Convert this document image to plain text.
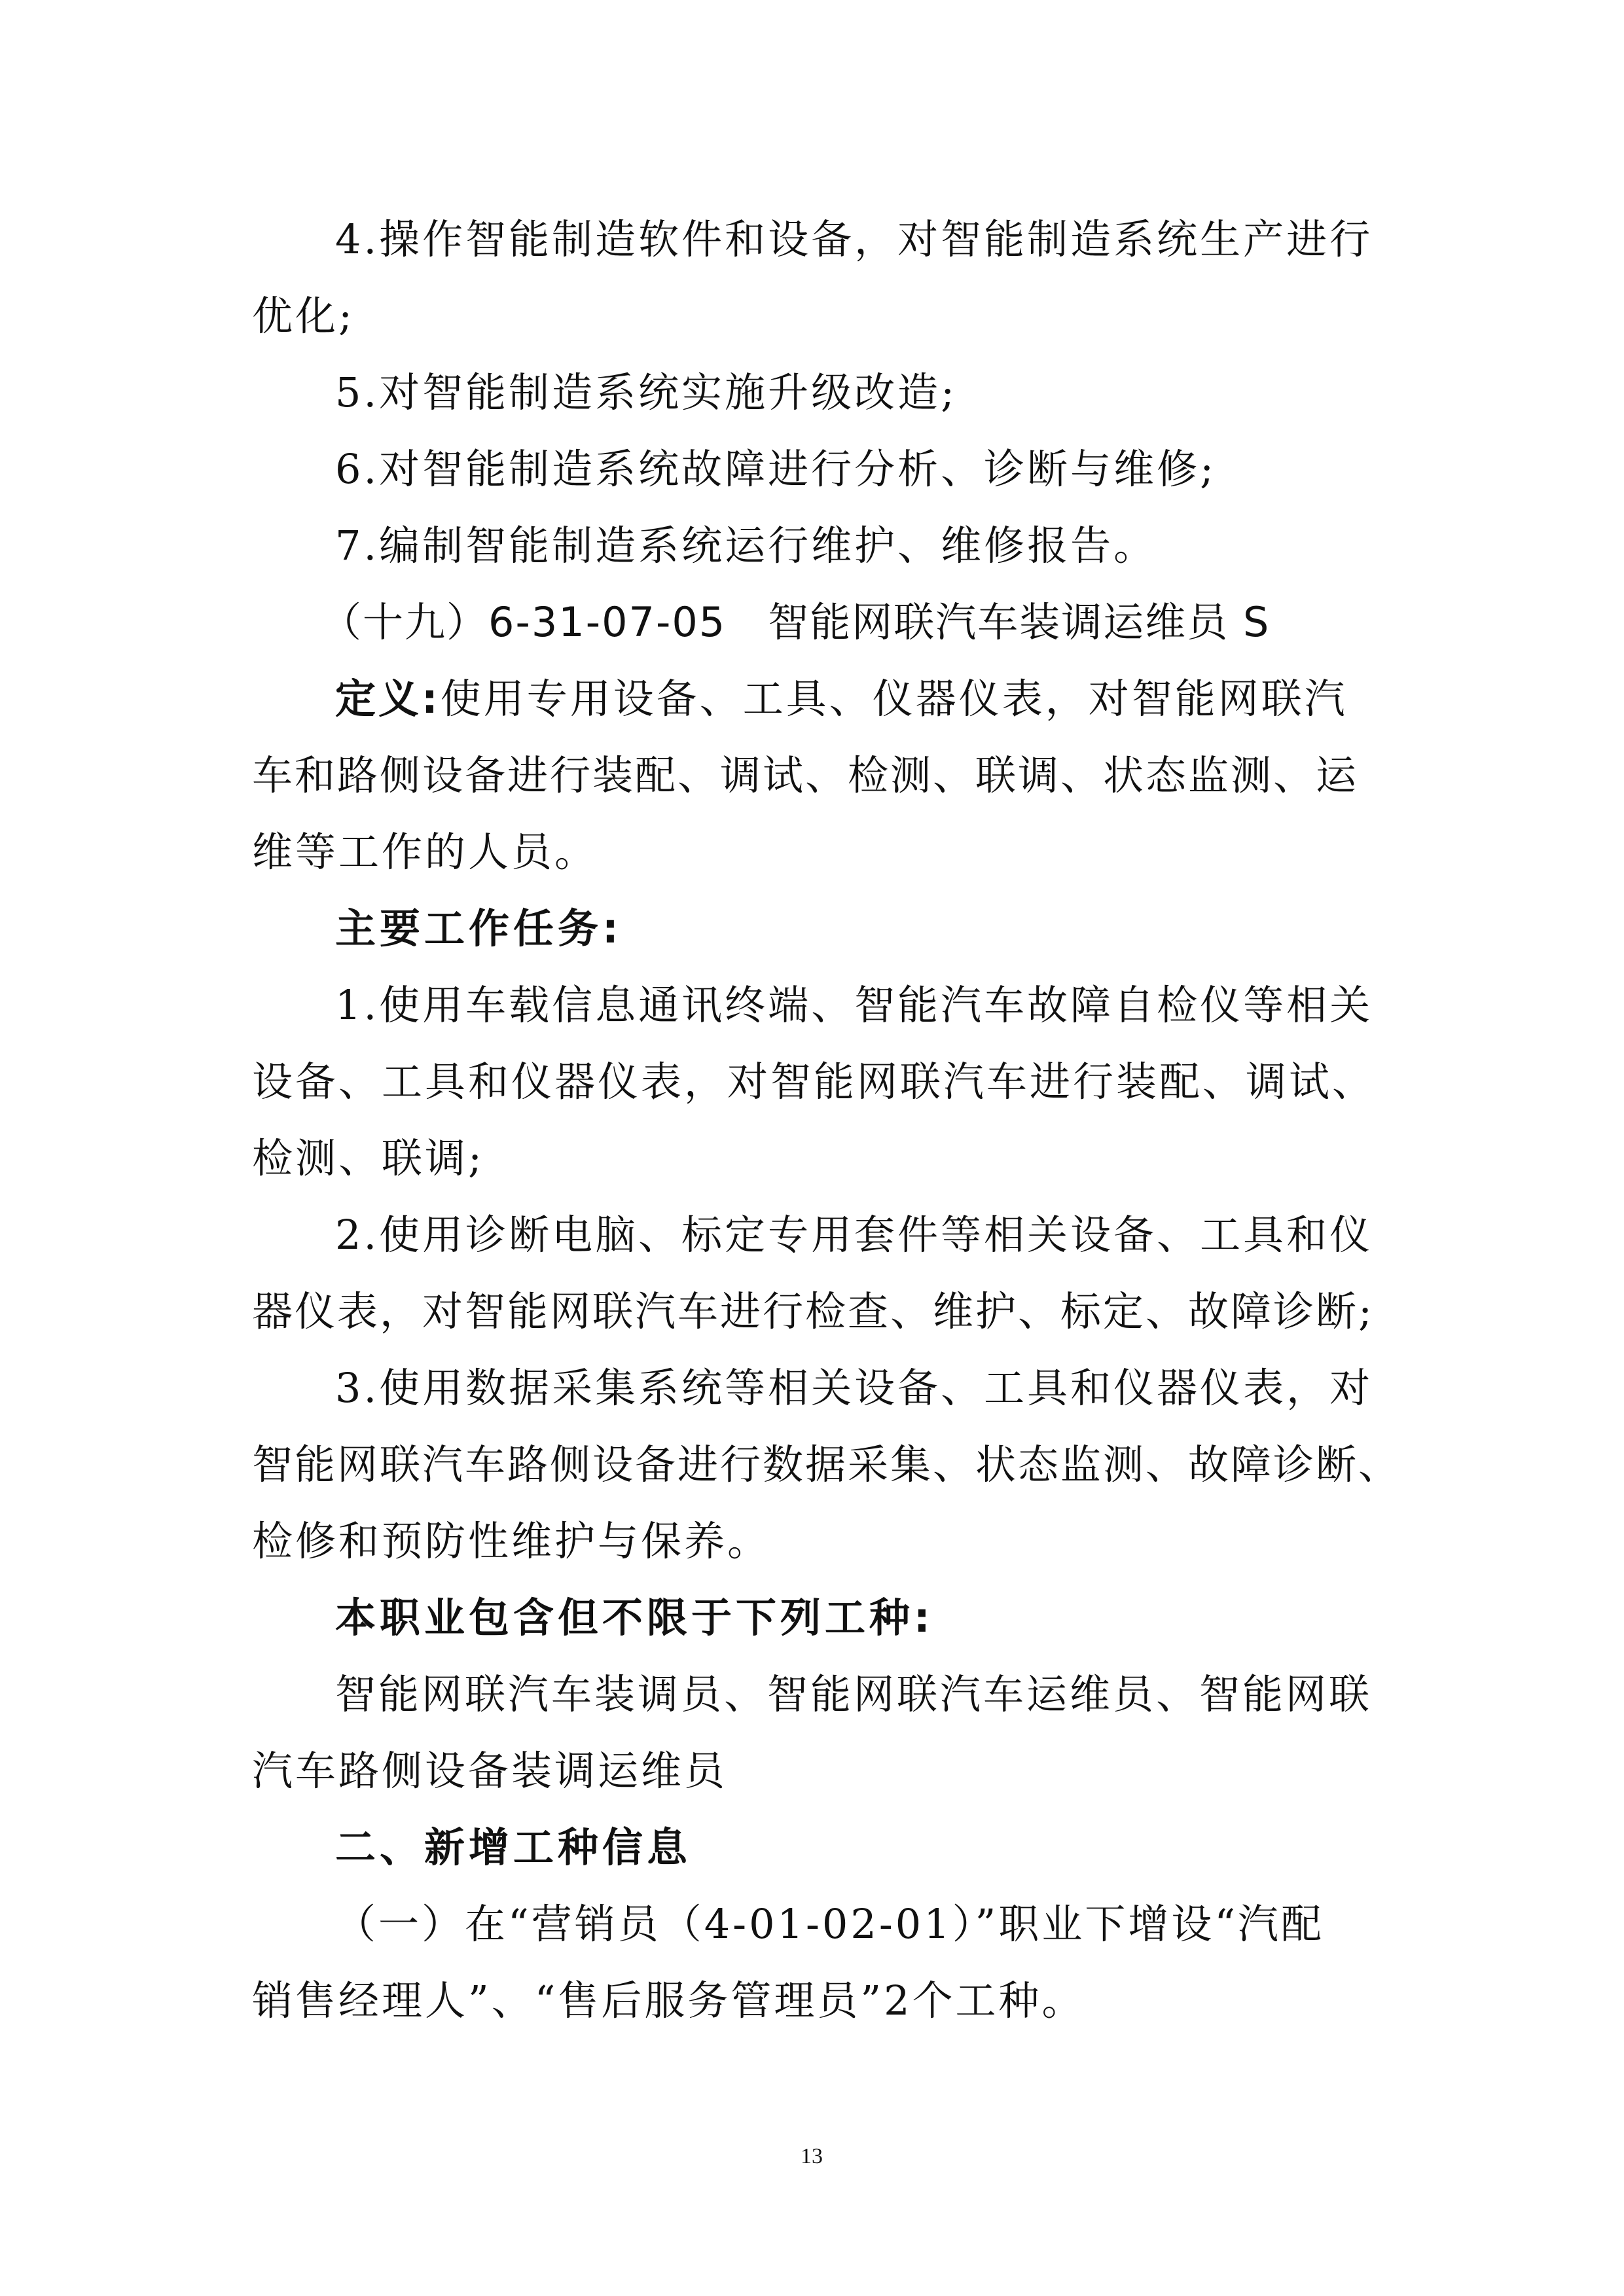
4.操作智能制造软件和设备，对智能制造系统生产进行
优化;
5.对智能制造系统实施升级改造;
6.对智能制造系统故障进行分析、诊断与维修;
7.编制智能制造系统运行维护、维修报告。
（十九）6-31-07-05　智能网联汽车装调运维员 S
定义:使用专用设备、工具、仪器仪表，对智能网联汽
车和路侧设备进行装配、调试、检测、联调、状态监测、运
维等工作的人员。
主要工作任务:
1.使用车载信息通讯终端、智能汽车故障自检仪等相关
设备、工具和仪器仪表，对智能网联汽车进行装配、调试、
检测、联调;
2.使用诊断电脑、标定专用套件等相关设备、工具和仪
器仪表，对智能网联汽车进行检查、维护、标定、故障诊断;
3.使用数据采集系统等相关设备、工具和仪器仪表，对
智能网联汽车路侧设备进行数据采集、状态监测、故障诊断、
检修和预防性维护与保养。
本职业包含但不限于下列工种:
智能网联汽车装调员、智能网联汽车运维员、智能网联
汽车路侧设备装调运维员
二、新增工种信息
（一）在“营销员（4-01-02-01）”职业下增设“汽配
销售经理人”、“售后服务管理员”2个工种。
13
